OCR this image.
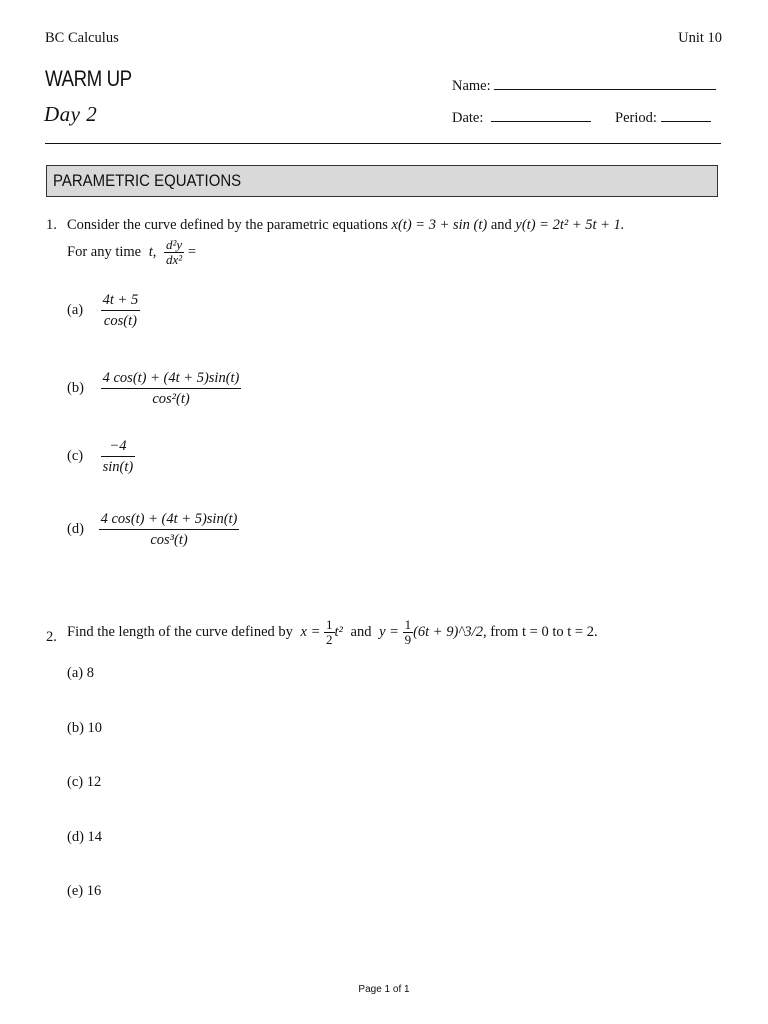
BC Calculus	Unit 10
WARM UP
Day 2
Name:
Date:	Period:
PARAMETRIC EQUATIONS
1. Consider the curve defined by the parametric equations x(t) = 3 + sin (t) and y(t) = 2t² + 5t + 1.
For any time t, $\frac{\text{d²y}}{\text{dx²}}$ =
$(a) \frac{4t + 5}{\cos(t)}$
$(b) \frac{4 \cos(t) + (4t + 5)\sin(t)}{\text{cos²(t)}}$
$(c) \frac{-4}{\sin(t)}$
$(d) \frac{4 \cos(t) + (4t + 5)\sin(t)}{\text{cos³(t)}}$
2. Find the length of the curve defined by $x = \frac{1}{2} t^2$ and $y = \frac{1}{9} (6t$ + 9)^3/2, from t = 0 to t = 2.
(a) 8
(b) 10
(c) 12
(d) 14
(e) 16
Page 1 of 1
